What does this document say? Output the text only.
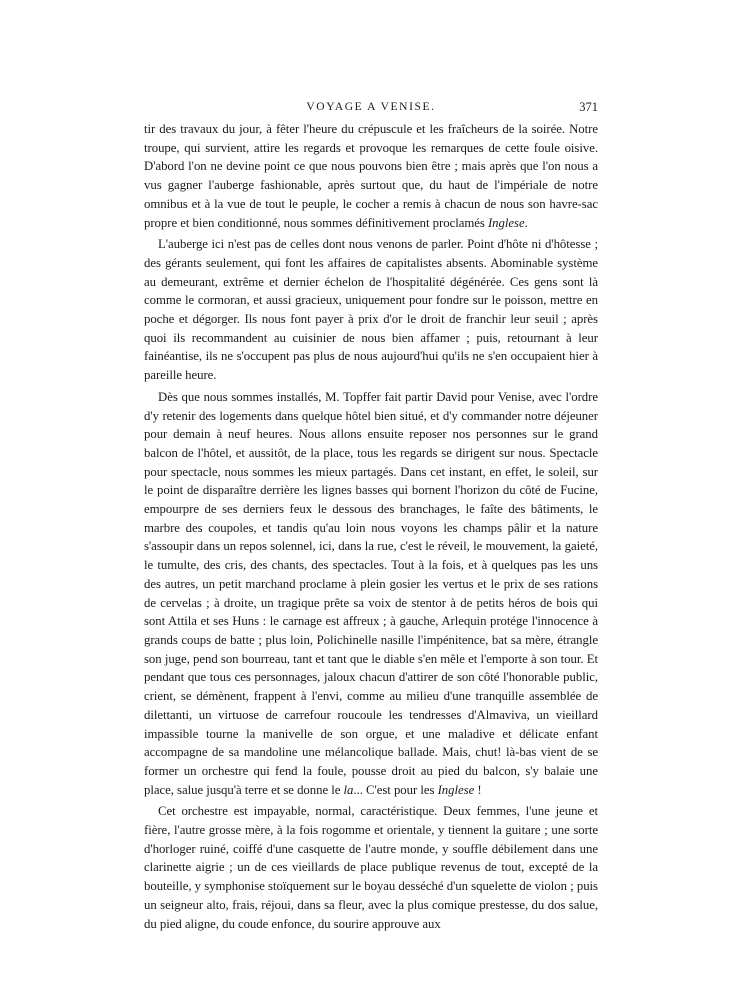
VOYAGE A VENISE.	371

tir des travaux du jour, à fêter l'heure du crépuscule et les fraîcheurs de la soirée. Notre troupe, qui survient, attire les regards et provoque les remarques de cette foule oisive. D'abord l'on ne devine point ce que nous pouvons bien être ; mais après que l'on nous a vus gagner l'auberge fashionable, après surtout que, du haut de l'impériale de notre omnibus et à la vue de tout le peuple, le cocher a remis à chacun de nous son havre-sac propre et bien conditionné, nous sommes définitivement proclamés Inglese.

L'auberge ici n'est pas de celles dont nous venons de parler. Point d'hôte ni d'hôtesse ; des gérants seulement, qui font les affaires de capitalistes absents. Abominable système au demeurant, extrême et dernier échelon de l'hospitalité dégénérée. Ces gens sont là comme le cormoran, et aussi gracieux, uniquement pour fondre sur le poisson, mettre en poche et dégorger. Ils nous font payer à prix d'or le droit de franchir leur seuil ; après quoi ils recommandent au cuisinier de nous bien affamer ; puis, retournant à leur fainéantise, ils ne s'occupent pas plus de nous aujourd'hui qu'ils ne s'en occupaient hier à pareille heure.

Dès que nous sommes installés, M. Topffer fait partir David pour Venise, avec l'ordre d'y retenir des logements dans quelque hôtel bien situé, et d'y commander notre déjeuner pour demain à neuf heures. Nous allons ensuite reposer nos personnes sur le grand balcon de l'hôtel, et aussitôt, de la place, tous les regards se dirigent sur nous. Spectacle pour spectacle, nous sommes les mieux partagés. Dans cet instant, en effet, le soleil, sur le point de disparaître derrière les lignes basses qui bornent l'horizon du côté de Fucine, empourpre de ses derniers feux le dessous des branchages, le faîte des bâtiments, le marbre des coupoles, et tandis qu'au loin nous voyons les champs pâlir et la nature s'assoupir dans un repos solennel, ici, dans la rue, c'est le réveil, le mouvement, la gaieté, le tumulte, des cris, des chants, des spectacles. Tout à la fois, et à quelques pas les uns des autres, un petit marchand proclame à plein gosier les vertus et le prix de ses rations de cervelas ; à droite, un tragique prête sa voix de stentor à de petits héros de bois qui sont Attila et ses Huns : le carnage est affreux ; à gauche, Arlequin protége l'innocence à grands coups de batte ; plus loin, Polichinelle nasille l'impénitence, bat sa mère, étrangle son juge, pend son bourreau, tant et tant que le diable s'en mêle et l'emporte à son tour. Et pendant que tous ces personnages, jaloux chacun d'attirer de son côté l'honorable public, crient, se démènent, frappent à l'envi, comme au milieu d'une tranquille assemblée de dilettanti, un virtuose de carrefour roucoule les tendresses d'Almaviva, un vieillard impassible tourne la manivelle de son orgue, et une maladive et délicate enfant accompagne de sa mandoline une mélancolique ballade. Mais, chut! là-bas vient de se former un orchestre qui fend la foule, pousse droit au pied du balcon, s'y balaie une place, salue jusqu'à terre et se donne le la... C'est pour les Inglese !

Cet orchestre est impayable, normal, caractéristique. Deux femmes, l'une jeune et fière, l'autre grosse mère, à la fois rogomme et orientale, y tiennent la guitare ; une sorte d'horloger ruiné, coiffé d'une casquette de l'autre monde, y souffle débilement dans une clarinette aigrie ; un de ces vieillards de place publique revenus de tout, excepté de la bouteille, y symphonise stoïquement sur le boyau desséché d'un squelette de violon ; puis un seigneur alto, frais, réjoui, dans sa fleur, avec la plus comique prestesse, du dos salue, du pied aligne, du coude enfonce, du sourire approuve aux
